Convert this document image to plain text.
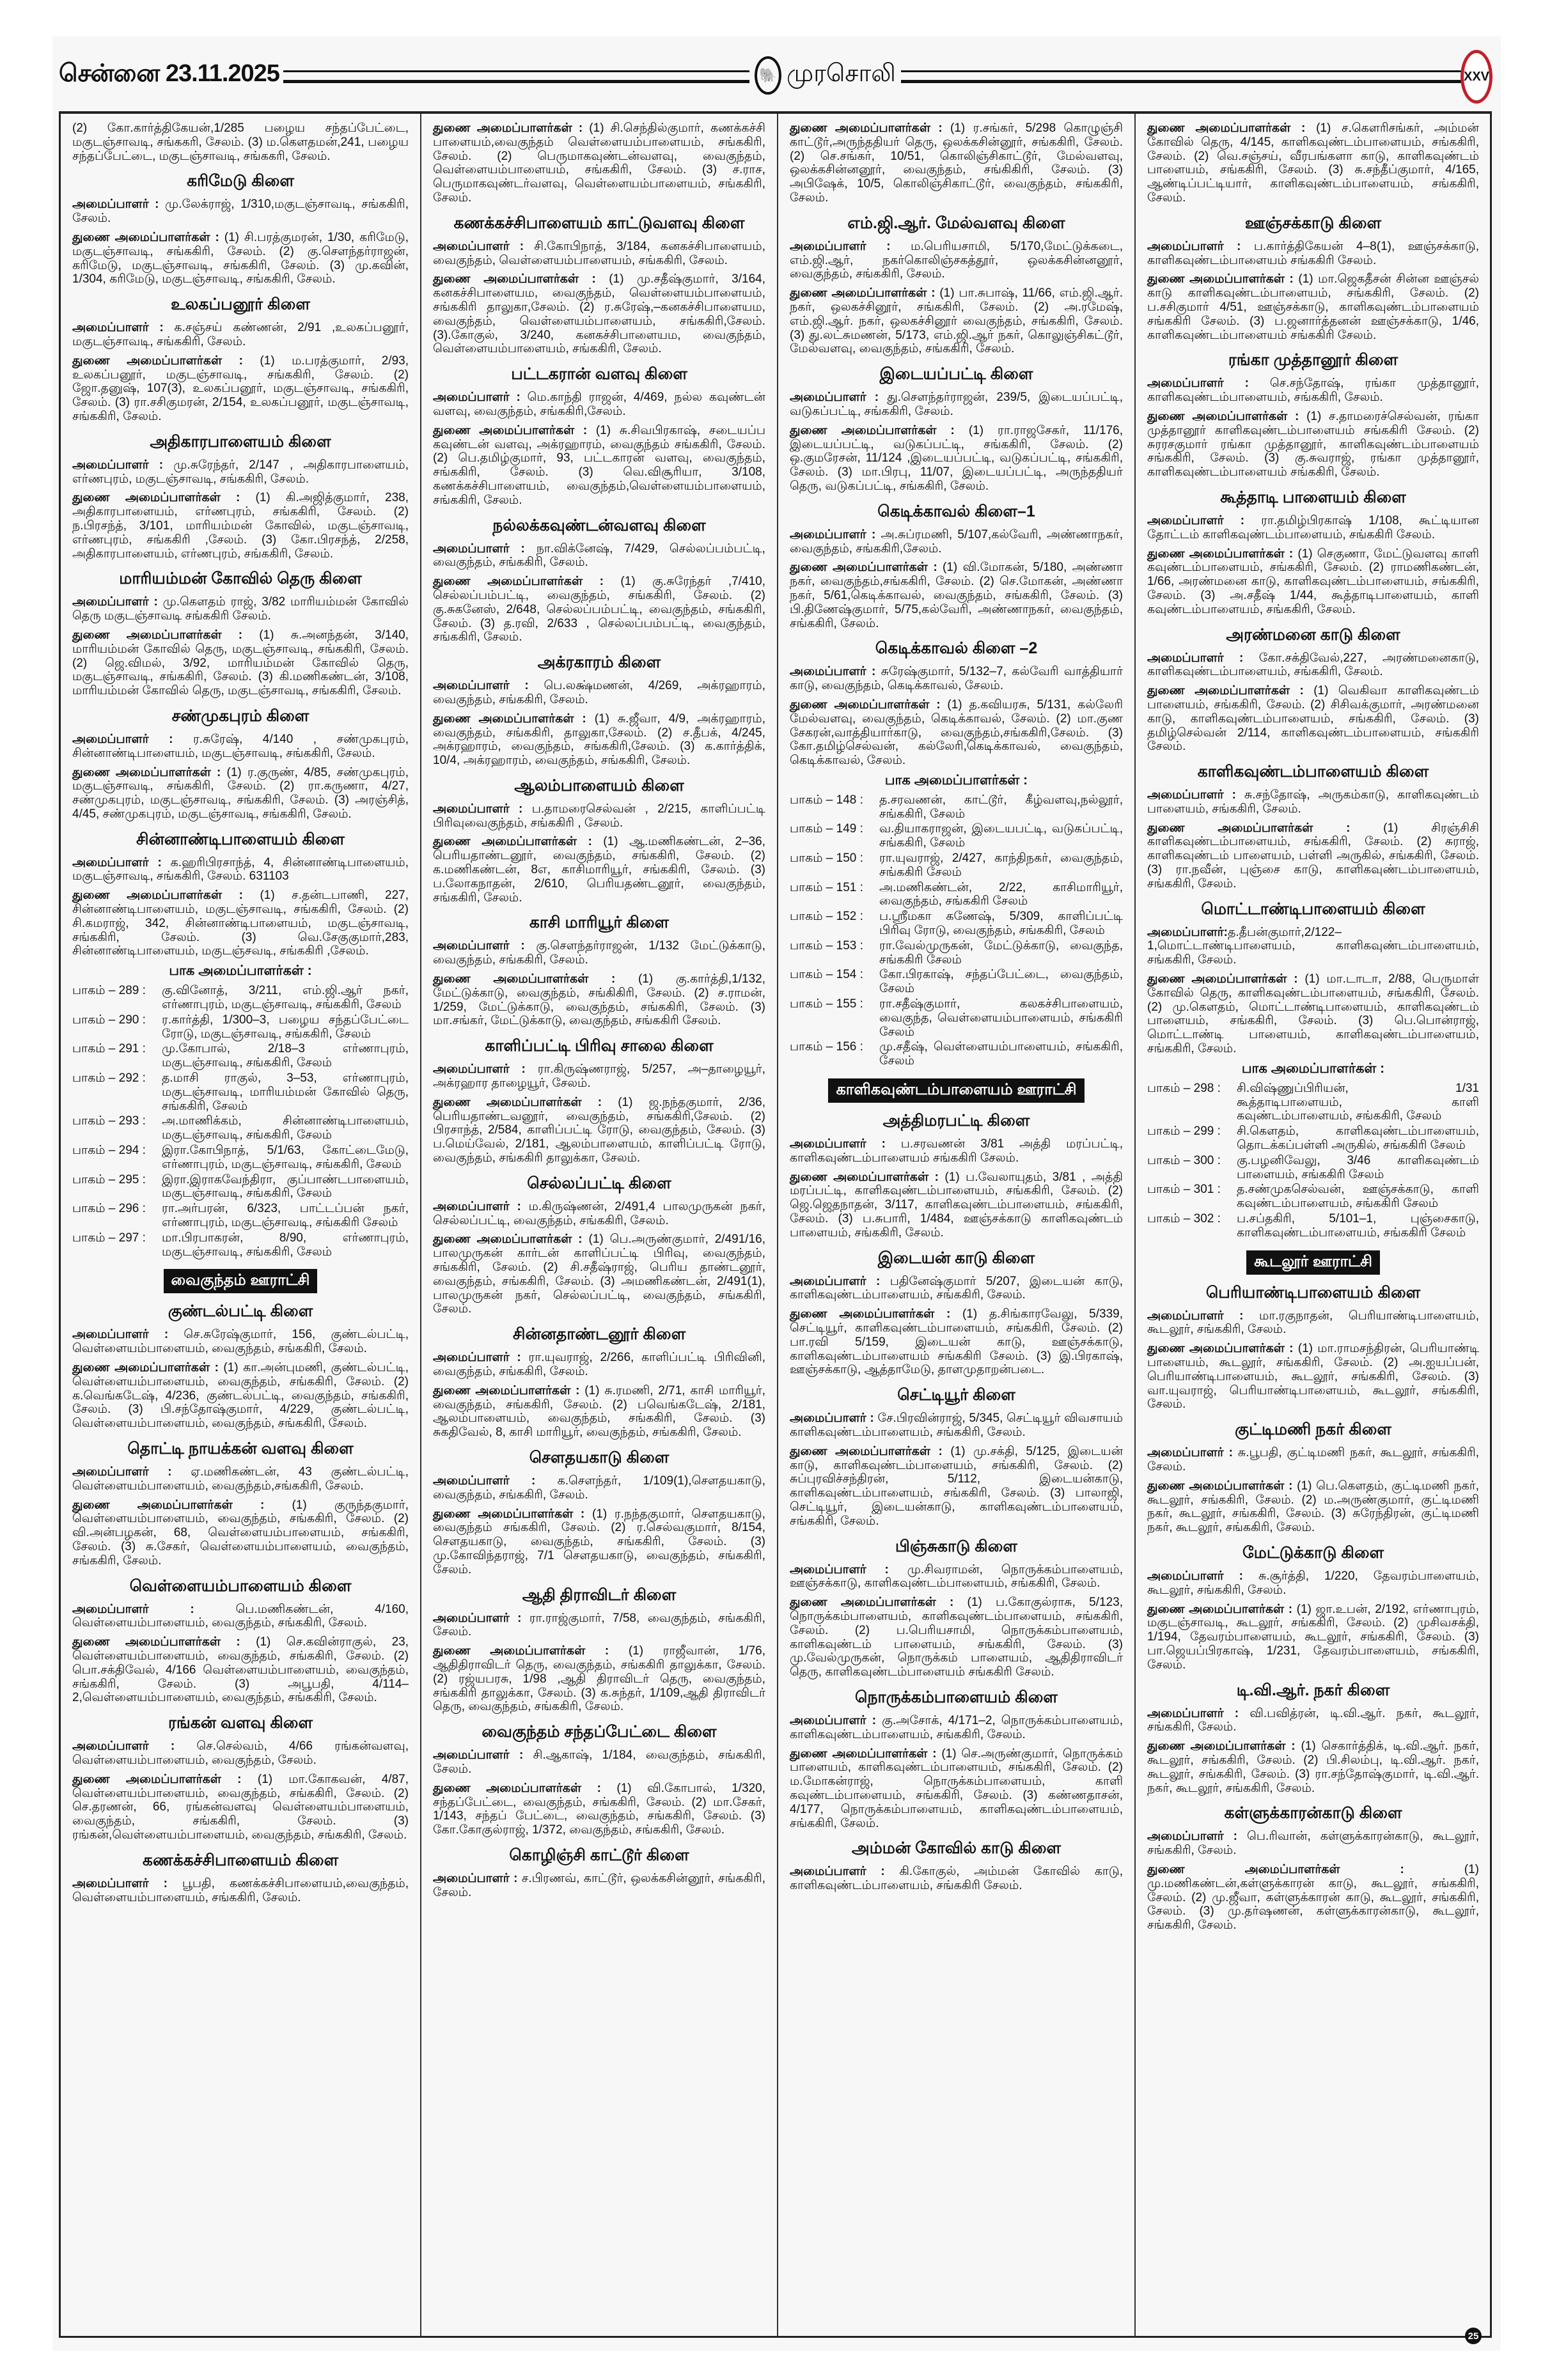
சென்னை 23.11.2025	🐘 முரசொலி	XXV

(2) கோ.கார்த்திகேயன்,1/285 பழைய சந்தப்பேட்டை, மகுடஞ்சாவடி, சங்ககரி, சேலம். (3) ம.கௌதமன்,241, பழைய சந்தப்பேட்டை, மகுடஞ்சாவடி, சங்ககரி, சேலம்.

கரிமேடு கிளை

அமைப்பாளர் : மு.லேக்ராஜ், 1/310,மகுடஞ்சாவடி, சங்ககிரி, சேலம்.

துணை அமைப்பாளர்கள் : (1) சி.பரத்குமரன், 1/30, கரிமேடு, மகுடஞ்சாவடி, சங்ககிரி, சேலம். (2) கு.சௌந்தர்ராஜன், கரிமேடு, மகுடஞ்சாவடி, சங்ககிரி, சேலம். (3) மு.கவின், 1/304, கரிமேடு, மகுடஞ்சாவடி, சங்ககிரி, சேலம்.

உலகப்பனூர் கிளை

அமைப்பாளர் : க.சஞ்சய் கண்ணன், 2/91 ,உலகப்பனூர், மகுடஞ்சாவடி, சங்ககிரி, சேலம்.

துணை அமைப்பாளர்கள் : (1) ம.பரத்குமார், 2/93, உலகப்பனூர், மகுடஞ்சாவடி, சங்ககிரி, சேலம். (2) ஜோ.தனுஷ், 107(3), உலகப்பனூர், மகுடஞ்சாவடி, சங்ககிரி, சேலம். (3) ரா.சசிகுமரன், 2/154, உலகப்பனூர், மகுடஞ்சாவடி, சங்ககிரி, சேலம்.

அதிகாரபாளையம் கிளை

அமைப்பாளர் : மு.சுரேந்தர், 2/147 , அதிகாரபாளையம், எர்ணபுரம், மகுடஞ்சாவடி, சங்ககிரி, சேலம்.

துணை அமைப்பாளர்கள் : (1) கி.அஜித்குமார், 238, அதிகாரபாளையம், எர்ணபுரம், சங்ககிரி, சேலம். (2) ந.பிரசந்த், 3/101, மாரியம்மன் கோவில், மகுடஞ்சாவடி, எர்ணபுரம், சங்ககிரி ,சேலம். (3) கோ.பிரசந்த், 2/258, அதிகாரபாளையம், எர்ணபுரம், சங்ககிரி, சேலம்.

மாரியம்மன் கோவில் தெரு கிளை

அமைப்பாளர் : மு.கௌதம் ராஜ், 3/82 மாரியம்மன் கோவில் தெரு மகுடஞ்சாவடி சங்ககிரி சேலம்.

துணை அமைப்பாளர்கள் : (1) சு.அனந்தன், 3/140, மாரியம்மன் கோவில் தெரு, மகுடஞ்சாவடி, சங்ககிரி, சேலம். (2) ஜெ.விமல், 3/92, மாரியம்மன் கோவில் தெரு, மகுடஞ்சாவடி, சங்ககிரி, சேலம். (3) கி.மணிகண்டன், 3/108, மாரியம்மன் கோவில் தெரு, மகுடஞ்சாவடி, சங்ககிரி, சேலம்.

சண்முகபுரம் கிளை

அமைப்பாளர் : ர.சுரேஷ், 4/140 , சண்முகபுரம், சின்னாண்டிபாளையம், மகுடஞ்சாவடி, சங்ககிரி, சேலம்.

துணை அமைப்பாளர்கள் : (1) ர.குருண், 4/85, சண்முகபுரம், மகுடஞ்சாவடி, சங்ககிரி, சேலம். (2) ரா.கருணா, 4/27, சண்முகபுரம், மகுடஞ்சாவடி, சங்ககிரி, சேலம். (3) அரஞ்சித், 4/45, சண்முகபுரம், மகுடஞ்சாவடி, சங்ககிரி, சேலம்.

சின்னாண்டிபாளையம் கிளை

அமைப்பாளர் : க.ஹரிபிரசாந்த், 4, சின்னாண்டிபாளையம், மகுடஞ்சாவடி, சங்ககிரி, சேலம். 631103

துணை அமைப்பாளர்கள் : (1) ச.தன்டபாணி, 227, சின்னாண்டிபாளையம், மகுடஞ்சாவடி, சங்ககிரி, சேலம். (2) சி.கமராஜ், 342, சின்னாண்டிபாளையம், மகுடஞ்சாவடி, சங்ககிரி, சேலம். (3) வெ.சேகுகுமார்,283, சின்னாண்டிபாளையம், மகுடஞ்சவடி, சங்ககிரி ,சேலம்.

பாக அமைப்பாளர்கள் :
பாகம் – 289 :	கு.வினோத், 3/211, எம்.ஜி.ஆர் நகர், எர்ணாபுரம், மகுடஞ்சாவடி, சங்ககிரி, சேலம்
பாகம் – 290 :	ர.கார்த்தி, 1/300–3, பழைய சந்தப்பேட்டை ரோடு, மகுடஞ்சாவடி, சங்ககிரி, சேலம்
பாகம் – 291 :	மு.கோபால், 2/18–3 எர்ணாபுரம், மகுடஞ்சாவடி, சங்ககிரி, சேலம்
பாகம் – 292 :	த.மாசி ராகுல், 3–53, எர்ணாபுரம், மகுடஞ்சாவடி, மாரியம்மன் கோவில் தெரு, சங்ககிரி, சேலம்
பாகம் – 293 :	அ.மாணிக்கம், சின்னாண்டிபாளையம், மகுடஞ்சாவடி, சங்ககிரி, சேலம்
பாகம் – 294 :	இரா.கோபிநாத், 5/1/63, கோட்டைமேடு, எர்ணாபுரம், மகுடஞ்சாவடி, சங்ககிரி, சேலம்
பாகம் – 295 :	இரா.இராகவேந்திரா, குப்பாண்டபாளையம், மகுடஞ்சாவடி, சங்ககிரி, சேலம்
பாகம் – 296 :	ரா.அர்பரன், 6/323, பாட்டப்பன் நகர், எர்ணாபுரம், மகுடஞ்சாவடி, சங்ககிரி சேலம்
பாகம் – 297 :	மா.பிரபாகரன், 8/90, எர்ணாபுரம், மகுடஞ்சாவடி, சங்ககிரி, சேலம்
வைகுந்தம் ஊராட்சி
குண்டல்பட்டி கிளை

அமைப்பாளர் : செ.சுரேஷ்குமார், 156, குண்டல்பட்டி, வெள்ளையம்பாளையம், வைகுந்தம், சங்ககிரி, சேலம்.

துணை அமைப்பாளர்கள் : (1) கா.அன்புமணி, குண்டல்பட்டி, வெள்ளையம்பாளையம், வைகுந்தம், சங்ககிரி, சேலம். (2) க.வெங்கடேஷ், 4/236, குண்டல்பட்டி, வைகுந்தம், சங்ககிரி, சேலம். (3) பி.சந்தோஷ்குமார், 4/229, குண்டல்பட்டி, வெள்ளையம்பாளையம், வைகுந்தம், சங்ககிரி, சேலம்.

தொட்டி நாயக்கன் வளவு கிளை

அமைப்பாளர் : ஏ.மணிகண்டன், 43 குண்டல்பட்டி, வெள்ளையம்பாளையம், வைகுந்தம்,சங்ககிரி, சேலம்.

துணை அமைப்பாளர்கள் : (1) குருந்தகுமார், வெள்ளையம்பாளையம், வைகுந்தம், சங்ககிரி, சேலம். (2) வி.அன்பழகன், 68, வெள்ளையம்பாளையம், சங்ககிரி, சேலம். (3) சு.சேகர், வெள்ளையம்பாளையம், வைகுந்தம், சங்ககிரி, சேலம்.

வெள்ளையம்பாளையம் கிளை

அமைப்பாளர் : பெ.மணிகண்டன், 4/160, வெள்ளையம்பாளையம், வைகுந்தம், சங்ககிரி, சேலம்.

துணை அமைப்பாளர்கள் : (1) செ.கவின்ராகுல், 23, வெள்ளையம்பாளையம், வைகுந்தம், சங்ககிரி, சேலம். (2) பொ.சக்திவேல், 4/166 வெள்ளையம்பாளையம், வைகுந்தம், சங்ககிரி, சேலம். (3) அபூபதி, 4/114–2,வெள்ளையம்பாளையம், வைகுந்தம், சங்ககிரி, சேலம்.

ரங்கன் வளவு கிளை

அமைப்பாளர் : செ.செல்வம், 4/66 ரங்கன்வளவு, வெள்ளையம்பாளையம், வைகுந்தம், சேலம்.

துணை அமைப்பாளர்கள் : (1) மா.கோகவன், 4/87, வெள்ளையம்பாளையம், வைகுந்தம், சங்ககிரி, சேலம். (2) செ.தரணன், 66, ரங்கன்வளவு வெள்ளையம்பாளையம், வைகுந்தம், சங்ககிரி, சேலம். (3) ரங்கன்,வெள்ளையம்பாளையம், வைகுந்தம், சங்ககிரி, சேலம்.

கணக்கச்சிபாளையம் கிளை

அமைப்பாளர் : பூபதி, கணக்கச்சிபாளையம்,வைகுந்தம், வெள்ளையம்பாளையம், சங்ககிரி, சேலம்.

துணை அமைப்பாளர்கள் : (1) சி.செந்தில்குமார், கணக்கச்சி பாளையம்,வைகுந்தம் வெள்ளையம்பாளையம், சங்ககிரி, சேலம். (2) பெருமாகவுண்டன்வளவு, வைகுந்தம், வெள்ளையம்பாளையம், சங்ககிரி, சேலம். (3) ச.ராச, பெருமாகவுண்டர்வளவு, வெள்ளையம்பாளையம், சங்ககிரி, சேலம்.

கணக்கச்சிபாளையம் காட்டுவளவு கிளை

அமைப்பாளர் : சி.கோபிநாத், 3/184, கனகச்சிபாளையம், வைகுந்தம், வெள்ளையம்பாளையம், சங்ககிரி, சேலம்.

துணை அமைப்பாளர்கள் : (1) மு.சதீஷ்குமார், 3/164, கனகச்சிபாளையம, வைகுந்தம், வெள்ளையம்பாளையம், சங்ககிரி தாலுகா,சேலம். (2) ர.சுரேஷ்,–கனகச்சிபாளையம, வைகுந்தம், வெள்ளையம்பாளையம், சங்ககிரி,சேலம். (3).கோகுல், 3/240, கனகச்சிபாளையம, வைகுந்தம், வெள்ளையம்பாளையம், சங்ககிரி, சேலம்.

பட்டகரான் வளவு கிளை

அமைப்பாளர் : மெ.காந்தி ராஜன், 4/469, நல்ல கவுண்டன் வளவு, வைகுந்தம், சங்ககிரி,சேலம்.

துணை அமைப்பாளர்கள் : (1) சு.சிவபிரகாஷ், சடையப்ப கவுண்டன் வளவு, அக்ரஹாரம், வைகுந்தம் சங்ககிரி, சேலம். (2) பெ.தமிழ்குமார், 93, பட்டகாரன் வளவு, வைகுந்தம், சங்ககிரி, சேலம். (3) வெ.விசூரியா, 3/108, கணக்கச்சிபாளையம், வைகுந்தம்,வெள்ளையம்பாளையம், சங்ககிரி, சேலம்.

நல்லக்கவுண்டன்வளவு கிளை

அமைப்பாளர் : நா.விக்னேஷ், 7/429, செல்லப்பம்பட்டி, வைகுந்தம், சங்ககிரி, சேலம்.

துணை அமைப்பாளர்கள் : (1) கு.சுரேந்தர் ,7/410, செல்லப்பம்பட்டி, வைகுந்தம், சங்ககிரி, சேலம். (2) கு.சுகனேஸ், 2/648, செல்லப்பம்பட்டி, வைகுந்தம், சங்ககிரி, சேலம். (3) த.ரவி, 2/633 , செல்லப்பம்பட்டி, வைகுந்தம், சங்ககிரி, சேலம்.

அக்ரகாரம் கிளை

அமைப்பாளர் : பெ.லக்ஷ்மணன், 4/269, அக்ரஹாரம், வைகுந்தம், சங்ககிரி, சேலம்.

துணை அமைப்பாளர்கள் : (1) சு.ஜீவா, 4/9, அக்ரஹாரம், வைகுந்தம், சங்ககிரி, தாலுகா,சேலம். (2) ச.தீபக், 4/245, அக்ரஹாரம், வைகுந்தம், சங்ககிரி,சேலம். (3) க.கார்த்திக், 10/4, அக்ரஹாரம், வைகுந்தம், சங்ககிரி, சேலம்.

ஆலம்பாளையம் கிளை

அமைப்பாளர் : ப.தாமரைசெல்வன் , 2/215, காளிப்பட்டி பிரிவுவைகுந்தம், சங்ககிரி , சேலம்.

துணை அமைப்பாளர்கள் : (1) ஆ.மணிகண்டன், 2–36, பெரியதாண்டனூர், வைகுந்தம், சங்ககிரி, சேலம். (2) க.மணிகண்டன், 8எ, காசிமாரியூர், சங்ககிரி, சேலம். (3) ப.லோகநாதன், 2/610, பெரியதண்டனூர், வைகுந்தம், சங்ககிரி, சேலம்.

காசி மாரியூர் கிளை

அமைப்பாளர் : கு.சௌந்தர்ராஜன், 1/132 மேட்டுக்காடு, வைகுந்தம், சங்ககிரி, சேலம்.

துணை அமைப்பாளர்கள் : (1) கு.கார்த்தி,1/132, மேட்டுக்காடு, வைகுந்தம், சங்கிகிரி, சேலம். (2) ச.ராமன், 1/259, மேட்டுக்காடு, வைகுந்தம், சங்ககிரி, சேலம். (3) மா.சங்கர், மேட்டுக்காடு, வைகுந்தம், சங்ககிரி சேலம்.

காளிப்பட்டி பிரிவு சாலை கிளை

அமைப்பாளர் : ரா.கிருஷ்ணராஜ், 5/257, அ–தாழையூர், அக்ரஹார தாழையூர், சேலம்.

துணை அமைப்பாளர்கள் : (1) ஜ.நந்தகுமார், 2/36, பெரியதாண்டவனூர், வைகுந்தம், சங்ககிரி,சேலம். (2) பிரசாந்த், 2/584, காளிப்பட்டி ரோடு, வைகுந்தம், சேலம். (3) ப.மெய்வேல், 2/181, ஆலம்பாளையம், காளிப்பட்டி ரோடு, வைகுந்தம், சங்ககிரி தாலுக்கா, சேலம்.

செல்லப்பட்டி கிளை

அமைப்பாளர் : ம.கிருஷ்ணன், 2/491,4 பாலமுருகன் நகர், செல்லப்பட்டி, வைகுந்தம், சங்ககிரி, சேலம்.

துணை அமைப்பாளர்கள் : (1) பெ.அருண்குமார், 2/491/16, பாலமுருகன் கார்டன் காளிப்பட்டி பிரிவு, வைகுந்தம், சங்ககிரி, சேலம். (2) சி.சதீஷ்ராஜ், பெரிய தாண்டனூர், வைகுந்தம், சங்ககிரி, சேலம். (3) அமணிகண்டன், 2/491(1), பாலமுருகன் நகர், செல்லப்பட்டி, வைகுந்தம், சங்ககிரி, சேலம்.

சின்னதாண்டனூர் கிளை

அமைப்பாளர் : ரா.யுவராஜ், 2/266, காளிப்பட்டி பிரிவினி, வைகுந்தம், சங்ககிரி, சேலம்.

துணை அமைப்பாளர்கள் : (1) சு.ரமணி, 2/71, காசி மாரியூர், வைகுந்தம், சங்ககிரி, சேலம். (2) பவெங்கடேஷ், 2/181, ஆலம்பாளையம், வைகுந்தம், சங்ககிரி, சேலம். (3) சுகதிவேல், 8, காசி மாரியூர், வைகுந்தம், சங்ககிரி, சேலம்.

சௌதயகாடு கிளை

அமைப்பாளர் : க.சௌந்தர், 1/109(1),சௌதயகாடு, வைகுந்தம், சங்ககிரி, சேலம்.

துணை அமைப்பாளர்கள் : (1) ர.நந்தகுமார், சௌதயகாடு, வைகுந்தம் சங்ககிரி, சேலம். (2) ர.செல்வகுமார், 8/154, சௌதயகாடு, வைகுந்தம், சங்ககிரி, சேலம். (3) மு.கோவிந்தராஜ், 7/1 சௌதயகாடு, வைகுந்தம், சங்ககிரி, சேலம்.

ஆதி திராவிடர் கிளை

அமைப்பாளர் : ரா.ராஜ்குமார், 7/58, வைகுந்தம், சங்ககிரி, சேலம்.

துணை அமைப்பாளர்கள் : (1) ராஜீவான், 1/76, ஆதிதிராவிடர் தெரு, வைகுந்தம், சங்ககிரி தாலுக்கா, சேலம். (2) ரஜ்யபரசு, 1/98 ,ஆதி திராவிடர் தெரு, வைகுந்தம், சங்ககிரி தாலுக்கா, சேலம். (3) க.சுந்தர், 1/109,ஆதி திராவிடர் தெரு, வைகுந்தம், சங்ககிரி, சேலம்.

வைகுந்தம் சந்தப்பேட்டை கிளை

அமைப்பாளர் : சி.ஆகாஷ், 1/184, வைகுந்தம், சங்ககிரி, சேலம்.

துணை அமைப்பாளர்கள் : (1) வி.கோபால், 1/320, சந்தப்பேட்டை, வைகுந்தம், சங்ககிரி, சேலம். (2) மா.சேகர், 1/143, சந்தப் பேட்டை, வைகுந்தம், சங்ககிரி, சேலம். (3) கோ.கோகுல்ராஜ், 1/372, வைகுந்தம், சங்ககிரி, சேலம்.

கொழிஞ்சி காட்டூர் கிளை

அமைப்பாளர் : ச.பிரணவ், காட்டூர், ஒலக்கசின்னூர், சங்ககிரி, சேலம்.

துணை அமைப்பாளர்கள் : (1) ர.சங்கர், 5/298 கொழுஞ்சி காட்டூர்,அருந்ததியர் தெரு, ஒலக்கசின்னூர், சங்ககிரி, சேலம். (2) செ.சங்கர், 10/51, கொலிஞ்சிகாட்டூர், மேல்வளவு, ஒலக்கசின்னனூர், வைகுந்தம், சங்கிகிரி, சேலம். (3) அபிஷேக், 10/5, கொலிஞ்சிகாட்டூர், வைகுந்தம், சங்ககிரி, சேலம்.

எம்.ஜி.ஆர். மேல்வளவு கிளை

அமைப்பாளர் : ம.பெரியசாமி, 5/170,மேட்டுக்கடை, எம்.ஜி.ஆர், நகர்கொலிஞ்சகத்தூர், ஒலக்கசின்னனூர், வைகுந்தம், சங்ககிரி, சேலம்.

துணை அமைப்பாளர்கள் : (1) பா.சுபாஷ், 11/66, எம்.ஜி.ஆர். நகர், ஒலகச்சினூர், சங்ககிரி, சேலம். (2) அ.ரமேஷ், எம்.ஜி.ஆர். நகர், ஒலகச்சினூர் வைகுந்தம், சங்ககிரி, சேலம். (3) து.லட்சுமணன், 5/173, எம்.ஜி.ஆர் நகர், கொலுஞ்சிகட்டூர், மேல்வளவு, வைகுந்தம், சங்ககிரி, சேலம்.

இடையப்பட்டி கிளை

அமைப்பாளர் : து.சௌந்தர்ராஜன், 239/5, இடையப்பட்டி, வடுகப்பட்டி, சங்ககிரி, சேலம்.

துணை அமைப்பாளர்கள் : (1) ரா.ராஜசேகர், 11/176, இடையப்பட்டி, வடுகப்பட்டி, சங்ககிரி, சேலம். (2) ஒ.குமரேசன், 11/124 ,இடையப்பட்டி, வடுகப்பட்டி, சங்ககிரி, சேலம். (3) மா.பிரபு, 11/07, இடையப்பட்டி, அருந்ததியர் தெரு, வடுகப்பட்டி, சங்ககிரி, சேலம்.

கெடிக்காவல் கிளை–1

அமைப்பாளர் : அ.சுப்ரமணி, 5/107,கல்வேரி, அண்ணாநகர், வைகுந்தம், சங்ககிரி,சேலம்.

துணை அமைப்பாளர்கள் : (1) வி.மோகன், 5/180, அண்ணா நகர், வைகுந்தம்,சங்ககிரி, சேலம். (2) செ.மோகன், அண்ணா நகர், 5/61,கெடிக்காவல், வைகுந்தம், சங்ககிரி, சேலம். (3) பி.திணேஷ்குமார், 5/75,கல்வேரி, அண்ணாநகர், வைகுந்தம், சங்ககிரி, சேலம்.

கெடிக்காவல் கிளை –2

அமைப்பாளர் : சுரேஷ்குமார், 5/132–7, கல்வேரி வாத்தியார் காடு, வைகுந்தம், கெடிக்காவல், சேலம்.

துணை அமைப்பாளர்கள் : (1) த.கவியரசு, 5/131, கல்லேரி மேல்வளவு, வைகுந்தம், கெடிக்காவல், சேலம். (2) மா.குண சேகரன்,வாத்தியார்காடு, வைகுந்தம்,சங்ககிரி,சேலம். (3) கோ.தமிழ்செல்வன், கல்லேரி,கெடிக்காவல், வைகுந்தம், கெடிக்காவல், சேலம்.

பாக அமைப்பாளர்கள் :
பாகம் – 148 :	த.சரவணன், காட்டூர், கீழ்வளவு,நல்லூர், சங்ககிரி, சேலம்
பாகம் – 149 :	வ.தியாகராஜன், இடையபட்டி, வடுகப்பட்டி, சங்ககிரி, சேலம்
பாகம் – 150 :	ரா.யுவராஜ், 2/427, காந்திநகர், வைகுந்தம், சங்ககிரி சேலம்
பாகம் – 151 :	அ.மணிகண்டன், 2/22, காசிமாரியூர், வைகுந்தம், சங்ககிரி சேலம்
பாகம் – 152 :	ப.ஸ்ரீமகா கணேஷ், 5/309, காளிப்பட்டி பிரிவு ரோடு, வைகுந்தம், சங்ககிரி, சேலம்
பாகம் – 153 :	ரா.வேல்முருகன், மேட்டுக்காடு, வைகுந்த, சங்ககிரி சேலம்
பாகம் – 154 :	கோ.பிரகாஷ், சந்தப்பேட்டை, வைகுந்தம், சேலம்
பாகம் – 155 :	ரா.சதீஷ்குமார், கலகச்சிபாளையம், வைகுந்த, வெள்ளையம்பாளையம், சங்ககிரி சேலம்
பாகம் – 156 :	மு.சதீஷ், வெள்ளையம்பாளையம், சங்ககிரி, சேலம்
காளிகவுண்டம்பாளையம் ஊராட்சி
அத்திமரபட்டி கிளை

அமைப்பாளர் : ப.சரவணன் 3/81 அத்தி மரப்பட்டி, காளிகவுண்டம்பாளையம் சங்ககிரி சேலம்.

துணை அமைப்பாளர்கள் : (1) ப.வேலாயுதம், 3/81 , அத்தி மரப்பட்டி, காளிகவுண்டம்பாளையம், சங்ககிரி, சேலம். (2) ஜெ.ஜெதநாதன், 3/117, காளிகவுண்டம்பாளையம், சங்ககிரி, சேலம். (3) ப.சுபாரி, 1/484, ஊஞ்சக்காடு காளிகவுண்டம் பாளையம், சங்ககிரி, சேலம்.

இடையன் காடு கிளை

அமைப்பாளர் : பதினேஷ்குமார் 5/207, இடையன் காடு, காளிகவுண்டம்பாளையம், சங்ககிரி, சேலம்.

துணை அமைப்பாளர்கள் : (1) த.சிங்காரவேலு, 5/339, செட்டியூர், காளிகவுண்டம்பாளையம், சங்ககிரி, சேலம். (2) பா.ரவி 5/159, இடையன் காடு, ஊஞ்சக்காடு, காளிகவுண்டம்பாளையம் சங்ககிரி சேலம். (3) இ.பிரகாஷ், ஊஞ்சக்காடு, ஆத்தாமேடு, தாளமுதாறன்படை.

செட்டியூர் கிளை

அமைப்பாளர் : சே.பிரவின்ராஜ், 5/345, செட்டியூர் விவசாயம் காளிகவுண்டம்பாளையம், சங்ககிரி, சேலம்.

துணை அமைப்பாளர்கள் : (1) மு.சக்தி, 5/125, இடையன் காடு, காளிகவுண்டம்பாளையம், சங்ககிரி, சேலம். (2) சுப்புரவிச்சந்திரன், 5/112, இடையன்காடு, காளிகவுண்டம்பாளையம், சங்ககிரி, சேலம். (3) பாலாஜி, செட்டியூர், இடையன்காடு, காளிகவுண்டம்பாளையம், சங்ககிரி, சேலம்.

பிஞ்சுகாடு கிளை

அமைப்பாளர் : மு.சிவராமன், நொருக்கம்பாளையம், ஊஞ்சக்காடு, காளிகவுண்டம்பாளையம், சங்ககிரி, சேலம்.

துணை அமைப்பாளர்கள் : (1) ப.கோகுல்ராசு, 5/123, நொருக்கம்பாளையம், காளிகவுண்டம்பாளையம், சங்ககிரி, சேலம். (2) ப.பெரியசாமி, நொருக்கம்பாளையம், காளிகவுண்டம் பாளையம், சங்ககிரி, சேலம். (3) மு.வேல்முருகன், நொருக்கம் பாளையம், ஆதிதிராவிடர் தெரு, காளிகவுண்டம்பாளையம் சங்ககிரி சேலம்.

நொருக்கம்பாளையம் கிளை

அமைப்பாளர் : கு.அசோக், 4/171–2, நொருக்கம்பாளையம், காளிகவுண்டம்பாளையம், சங்ககிரி, சேலம்.

துணை அமைப்பாளர்கள் : (1) செ.அருண்குமார், நொருக்கம் பாளையம், காளிகவுண்டம்பாளையம், சங்ககிரி, சேலம். (2) ம.மோகன்ராஜ், நொருக்கம்பாளையம், காளி கவுண்டம்பாளையம், சங்ககிரி, சேலம். (3) கண்ணதாசன், 4/177, நொருக்கம்பாளையம், காளிகவுண்டம்பாளையம், சங்ககிரி, சேலம்.

அம்மன் கோவில் காடு கிளை

அமைப்பாளர் : கி.கோகுல், அம்மன் கோவில் காடு, காளிகவுண்டம்பாளையம், சங்ககிரி சேலம்.

துணை அமைப்பாளர்கள் : (1) ச.கௌரிசங்கர், அம்மன் கோவில் தெரு, 4/145, காளிகவுண்டம்பாளையம், சங்ககிரி, சேலம். (2) வெ.சஞ்சய், வீரபங்களா காடு, காளிகவுண்டம் பாளையம், சங்ககிரி, சேலம். (3) சு.சந்தீப்குமார், 4/165, ஆண்டிப்பட்டியார், காளிகவுண்டம்பாளையம், சங்ககிரி, சேலம்.

ஊஞ்சக்காடு கிளை

அமைப்பாளர் : ப.கார்த்திகேயன் 4–8(1), ஊஞ்சக்காடு, காளிகவுண்டம்பாளையம் சங்ககிரி சேலம்.

துணை அமைப்பாளர்கள் : (1) மா.ஜெகதீசன் சின்ன ஊஞ்சல் காடு காளிகவுண்டம்பாளையம், சங்ககிரி, சேலம். (2) ப.சசிகுமார் 4/51, ஊஞ்சக்காடு, காளிகவுண்டம்பாளையம் சங்ககிரி சேலம். (3) ப.ஜனார்த்தனன் ஊஞ்சக்காடு, 1/46, காளிகவுண்டம்பாளையம் சங்ககிரி சேலம்.

ரங்கா முத்தானூர் கிளை

அமைப்பாளர் : செ.சந்தோஷ், ரங்கா முத்தானூர், காளிகவுண்டம்பாளையம், சங்ககிரி, சேலம்.

துணை அமைப்பாளர்கள் : (1) ச.தாமரைச்செல்வன், ரங்கா முத்தானூர் காளிகவுண்டம்பாளையம் சங்ககிரி சேலம். (2) சுரரசகுமார் ரங்கா முத்தானூர், காளிகவுண்டம்பாளையம் சங்ககிரி, சேலம். (3) கு.சுவராஜ், ரங்கா முத்தானூர், காளிகவுண்டம்பாளையம் சங்ககிரி, சேலம்.

கூத்தாடி பாளையம் கிளை

அமைப்பாளர் : ரா.தமிழ்பிரகாஷ் 1/108, கூட்டியான தோட்டம் காளிகவுண்டம்பாளையம், சங்ககிரி சேலம்.

துணை அமைப்பாளர்கள் : (1) செகுணா, மேட்டுவளவு காளி கவுண்டம்பாளையம், சங்ககிரி, சேலம். (2) ராமணிகண்டன், 1/66, அரண்மனை காடு, காளிகவுண்டம்பாளையம், சங்ககிரி, சேலம். (3) அ.சதீஷ் 1/44, கூத்தாடிபாளையம், காளி கவுண்டம்பாளையம், சங்ககிரி, சேலம்.

அரண்மனை காடு கிளை

அமைப்பாளர் : கோ.சக்திவேல்,227, அரண்மனைகாடு, காளிகவுண்டம்பாளையம், சங்ககிரி, சேலம்.

துணை அமைப்பாளர்கள் : (1) வெகிவா காளிகவுண்டம் பாளையம், சங்ககிரி, சேலம். (2) சிசிவக்குமார், அரண்மனை காடு, காளிகவுண்டம்பாளையம், சங்ககிரி, சேலம். (3) தமிழ்செல்வன் 2/114, காளிகவுண்டம்பாளையம், சங்ககிரி சேலம்.

காளிகவுண்டம்பாளையம் கிளை

அமைப்பாளர் : சு.சந்தோஷ், அருகம்காடு, காளிகவுண்டம் பாளையம், சங்ககிரி, சேலம்.

துணை அமைப்பாளர்கள் : (1) சிரஞ்சிசி காளிகவுண்டம்பாளையம், சங்ககிரி, சேலம். (2) சுராஜ், காளிகவுண்டம் பாளையம், பள்ளி அருகில், சங்ககிரி, சேலம். (3) ரா.நவீன், புஞ்சை காடு, காளிகவுண்டம்பாளையம், சங்ககிரி, சேலம்.

மொட்டாண்டிபாளையம் கிளை

அமைப்பாளர்:த.தீபன்குமார்,2/122–1,மொட்டாண்டிபாளையம், காளிகவுண்டம்பாளையம், சங்ககிரி, சேலம்.

துணை அமைப்பாளர்கள் : (1) மா.டாடா, 2/88, பெருமாள் கோவில் தெரு, காளிகவுண்டம்பாளையம், சங்ககிரி, சேலம். (2) மு.கௌதம், மொட்டாண்டிபாளையம், காளிகவுண்டம் பாளையம், சங்ககிரி, சேலம். (3) பெ.பொன்ராஜ், மொட்டாண்டி பாளையம், காளிகவுண்டம்பாளையம், சங்ககிரி, சேலம்.

பாக அமைப்பாளர்கள் :
பாகம் – 298 :	சி.விஷ்ணுப்பிரியன், 1/31 கூத்தாடிபாளையம், காளி கவுண்டம்பாளையம், சங்ககிரி, சேலம்
பாகம் – 299 :	சி.கௌதம், காளிகவுண்டம்பாளையம், தொடக்கப்பள்ளி அருகில், சங்ககிரி சேலம்
பாகம் – 300 :	கு.பழனிவேலு, 3/46 காளிகவுண்டம் பாளையம், சங்ககிரி சேலம்
பாகம் – 301 :	த.சண்முகசெல்வன், ஊஞ்சக்காடு, காளி கவுண்டம்பாளையம், சங்ககிரி சேலம்
பாகம் – 302 :	ப.சப்தகிரி, 5/101–1, புஞ்சைகாடு, காளிகவுண்டம்பாளையம், சங்ககிரி சேலம்
கூடலூர் ஊராட்சி
பெரியாண்டிபாளையம் கிளை

அமைப்பாளர் : மா.ரகுநாதன், பெரியாண்டிபாளையம், கூடலூர், சங்ககிரி, சேலம்.

துணை அமைப்பாளர்கள் : (1) மா.ராமசந்திரன், பெரியாண்டி பாளையம், கூடலூர், சங்ககிரி, சேலம். (2) அ.ஐயப்பன், பெரியாண்டிபாளையம், கூடலூர், சங்ககிரி, சேலம். (3) வா.யுவராஜ், பெரியாண்டிபாளையம், கூடலூர், சங்ககிரி, சேலம்.

குட்டிமணி நகர் கிளை

அமைப்பாளர் : சு.பூபதி, குட்டிமணி நகர், கூடலூர், சங்ககிரி, சேலம்.

துணை அமைப்பாளர்கள் : (1) பெ.கௌதம், குட்டிமணி நகர், கூடலூர், சங்ககிரி, சேலம். (2) ம.அருண்குமார், குட்டிமணி நகர், கூடலூர், சங்ககிரி, சேலம். (3) சுரேந்திரன், குட்டிமணி நகர், கூடலூர், சங்ககிரி, சேலம்.

மேட்டுக்காடு கிளை

அமைப்பாளர் : சு.சூர்த்தி, 1/220, தேவரம்பாளையம், கூடலூர், சங்ககிரி, சேலம்.

துணை அமைப்பாளர்கள் : (1) ஜா.உபன், 2/192, எர்ணாபுரம், மகுடஞ்சாவடி, கூடலூர், சங்ககிரி, சேலம். (2) முசிவசக்தி, 1/194, தேவரம்பாளையம், கூடலூர், சங்ககிரி, சேலம். (3) பா.ஜெயப்பிரகாஷ், 1/231, தேவரம்பாளையம், சங்ககிரி, சேலம்.

டி.வி.ஆர். நகர் கிளை

அமைப்பாளர் : வி.பவித்ரன், டி.வி.ஆர். நகர், கூடலூர், சங்ககிரி, சேலம்.

துணை அமைப்பாளர்கள் : (1) செகார்த்திக், டி.வி.ஆர். நகர், கூடலூர், சங்ககிரி, சேலம். (2) பி.சிலம்பு, டி.வி.ஆர். நகர், கூடலூர், சங்ககிரி, சேலம். (3) ரா.சந்தோஷ்குமார், டி.வி.ஆர். நகர், கூடலூர், சங்ககிரி, சேலம்.

கள்ளுக்காரன்காடு கிளை

அமைப்பாளர் : பெ.ரிவான், கள்ளுக்காரன்காடு, கூடலூர், சங்ககிரி, சேலம்.

துணை அமைப்பாளர்கள் : (1) மு.மணிகண்டன்,கள்ளுக்காரன் காடு, கூடலூர், சங்ககிரி, சேலம். (2) மு.ஜீவா, கள்ளுக்காரன் காடு, கூடலூர், சங்ககிரி, சேலம். (3) மு.தர்ஷணன், கள்ளுக்காரன்காடு, கூடலூர், சங்ககிரி, சேலம்.

25
